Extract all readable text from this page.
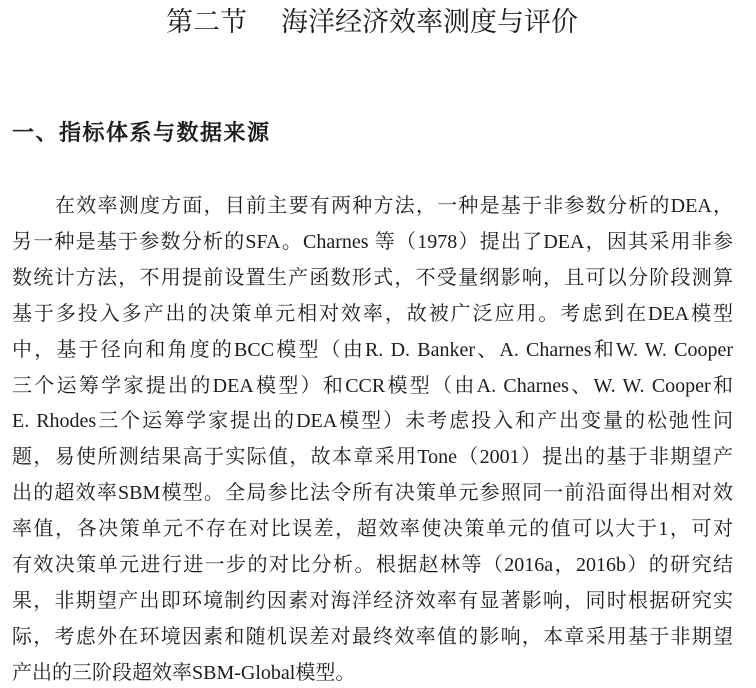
第二节 海洋经济效率测度与评价
一、指标体系与数据来源
在效率测度方面，目前主要有两种方法，一种是基于非参数分析的DEA，
另一种是基于参数分析的SFA。Charnes 等（1978）提出了DEA，因其采用非参
数统计方法，不用提前设置生产函数形式，不受量纲影响，且可以分阶段测算
基于多投入多产出的决策单元相对效率，故被广泛应用。考虑到在DEA模型
中，基于径向和角度的BCC模型（由R. D. Banker、A. Charnes和W. W. Cooper
三个运筹学家提出的DEA模型）和CCR模型（由A. Charnes、W. W. Cooper和
E. Rhodes三个运筹学家提出的DEA模型）未考虑投入和产出变量的松弛性问
题，易使所测结果高于实际值，故本章采用Tone（2001）提出的基于非期望产
出的超效率SBM模型。全局参比法令所有决策单元参照同一前沿面得出相对效
率值，各决策单元不存在对比误差，超效率使决策单元的值可以大于1，可对
有效决策单元进行进一步的对比分析。根据赵林等（2016a，2016b）的研究结
果，非期望产出即环境制约因素对海洋经济效率有显著影响，同时根据研究实
际，考虑外在环境因素和随机误差对最终效率值的影响，本章采用基于非期望
产出的三阶段超效率SBM-Global模型。
